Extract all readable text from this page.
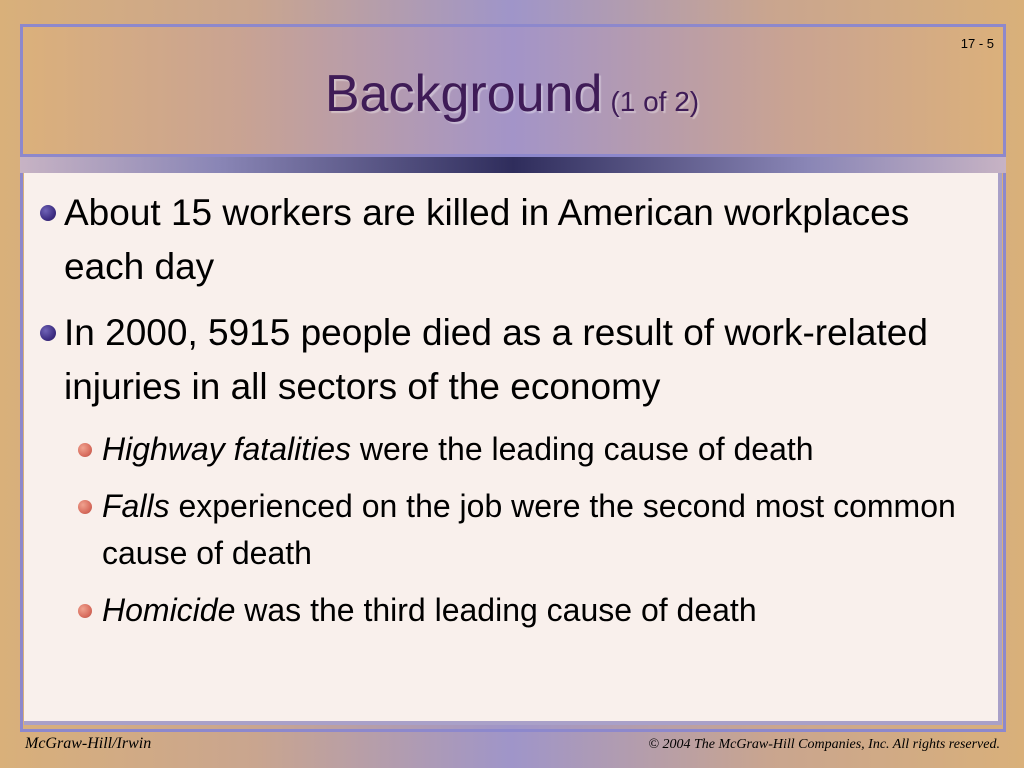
17 - 5
Background (1 of 2)
About 15 workers are killed in American workplaces each day
In 2000, 5915 people died as a result of work-related injuries in all sectors of the economy
Highway fatalities were the leading cause of death
Falls experienced on the job were the second most common cause of death
Homicide was the third leading cause of death
McGraw-Hill/Irwin	© 2004 The McGraw-Hill Companies, Inc. All rights reserved.
